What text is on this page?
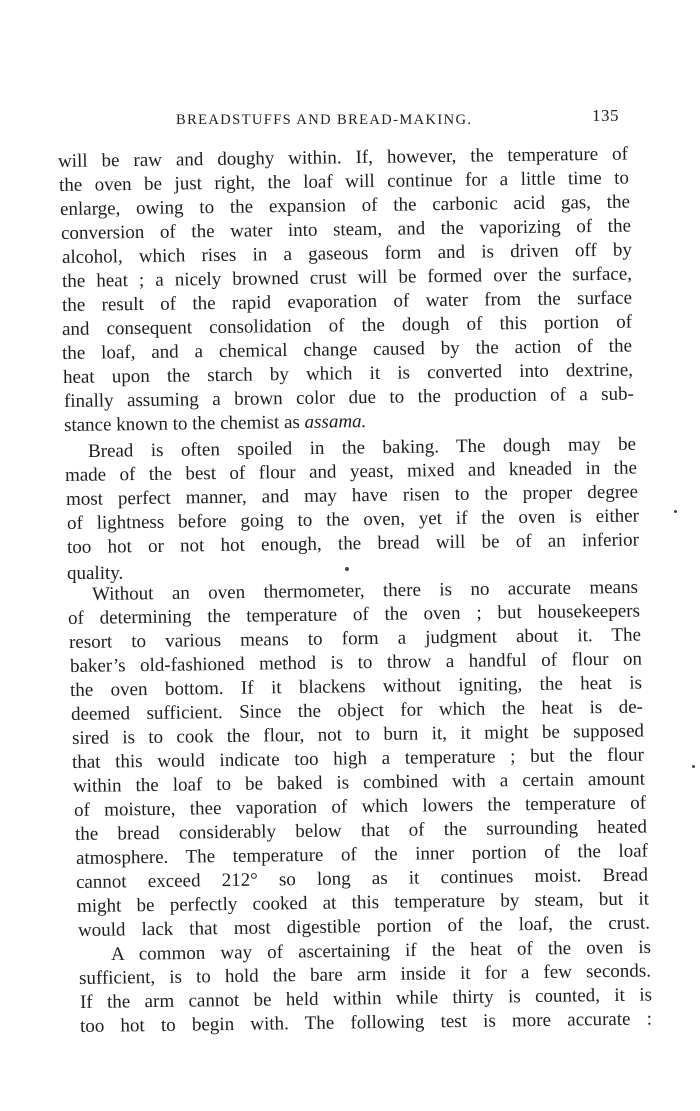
BREADSTUFFS AND BREAD-MAKING.	135
will be raw and doughy within. If, however, the temperature of
the oven be just right, the loaf will continue for a little time to
enlarge, owing to the expansion of the carbonic acid gas, the
conversion of the water into steam, and the vaporizing of the
alcohol, which rises in a gaseous form and is driven off by
the heat ; a nicely browned crust will be formed over the surface,
the result of the rapid evaporation of water from the surface
and consequent consolidation of the dough of this portion of
the loaf, and a chemical change caused by the action of the
heat upon the starch by which it is converted into dextrine,
finally assuming a brown color due to the production of a sub-
stance known to the chemist as assama.
Bread is often spoiled in the baking. The dough may be
made of the best of flour and yeast, mixed and kneaded in the
most perfect manner, and may have risen to the proper degree
of lightness before going to the oven, yet if the oven is either
too hot or not hot enough, the bread will be of an inferior
quality.
Without an oven thermometer, there is no accurate means
of determining the temperature of the oven ; but housekeepers
resort to various means to form a judgment about it. The
baker’s old-fashioned method is to throw a handful of flour on
the oven bottom. If it blackens without igniting, the heat is
deemed sufficient. Since the object for which the heat is de-
sired is to cook the flour, not to burn it, it might be supposed
that this would indicate too high a temperature ; but the flour
within the loaf to be baked is combined with a certain amount
of moisture, thee vaporation of which lowers the temperature of
the bread considerably below that of the surrounding heated
atmosphere. The temperature of the inner portion of the loaf
cannot exceed 212° so long as it continues moist. Bread
might be perfectly cooked at this temperature by steam, but it
would lack that most digestible portion of the loaf, the crust.
A common way of ascertaining if the heat of the oven is
sufficient, is to hold the bare arm inside it for a few seconds.
If the arm cannot be held within while thirty is counted, it is
too hot to begin with. The following test is more accurate :
